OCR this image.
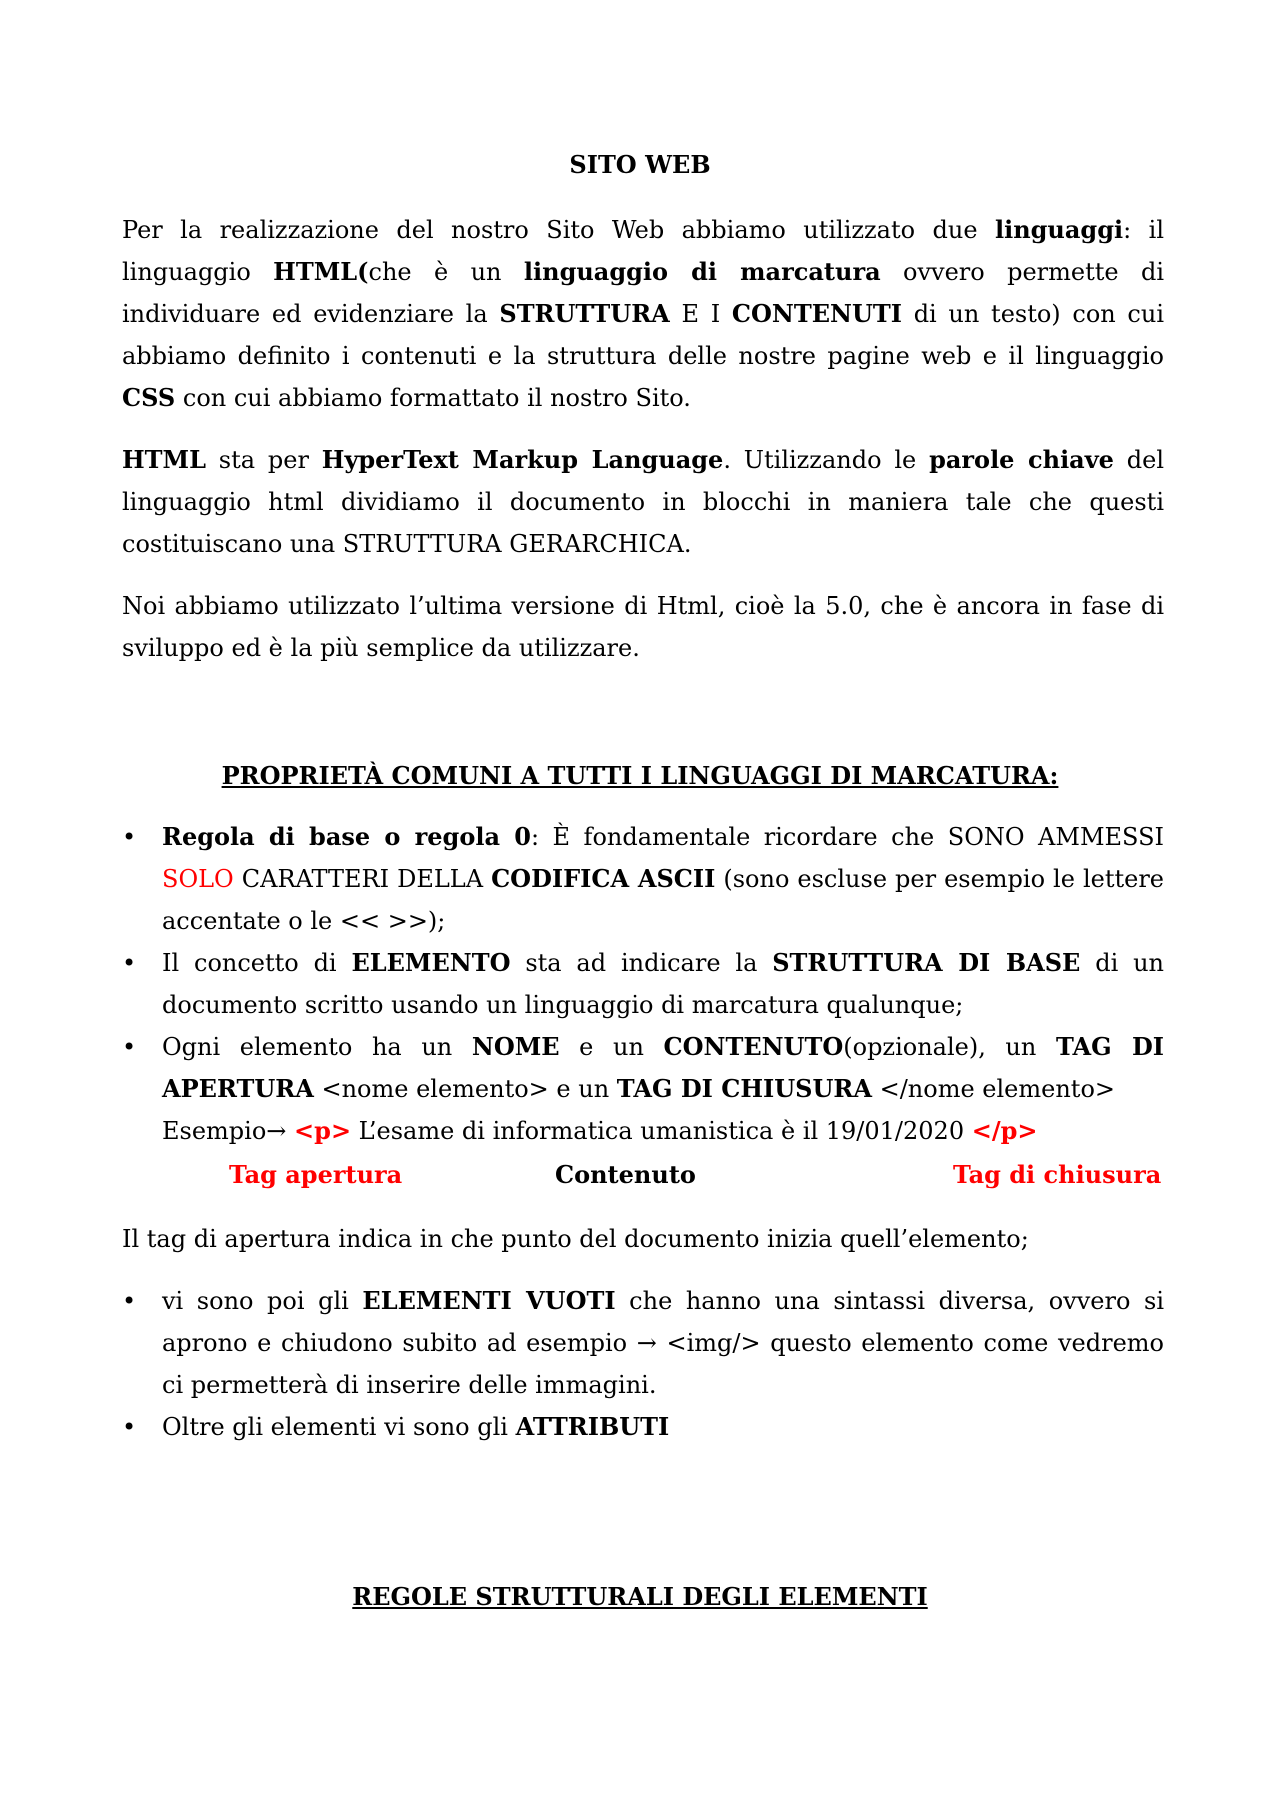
SITO WEB

Per la realizzazione del nostro Sito Web abbiamo utilizzato due linguaggi: il linguaggio HTML(che è un linguaggio di marcatura ovvero permette di individuare ed evidenziare la STRUTTURA E I CONTENUTI di un testo) con cui abbiamo definito i contenuti e la struttura delle nostre pagine web e il linguaggio CSS con cui abbiamo formattato il nostro Sito.

HTML sta per HyperText Markup Language. Utilizzando le parole chiave del linguaggio html dividiamo il documento in blocchi in maniera tale che questi costituiscano una STRUTTURA GERARCHICA.

Noi abbiamo utilizzato l’ultima versione di Html, cioè la 5.0, che è ancora in fase di sviluppo ed è la più semplice da utilizzare.

PROPRIETÀ COMUNI A TUTTI I LINGUAGGI DI MARCATURA:
• Regola di base o regola 0: È fondamentale ricordare che SONO AMMESSI SOLO CARATTERI DELLA CODIFICA ASCII (sono escluse per esempio le lettere accentate o le << >>);
• Il concetto di ELEMENTO sta ad indicare la STRUTTURA DI BASE di un documento scritto usando un linguaggio di marcatura qualunque;
• Ogni elemento ha un NOME e un CONTENUTO(opzionale), un TAG DI APERTURA <nome elemento> e un TAG DI CHIUSURA </nome elemento>
Esempio→ <p> L’esame di informatica umanistica è il 19/01/2020 </p>
Tag apertura	Contenuto	Tag di chiusura

Il tag di apertura indica in che punto del documento inizia quell’elemento;

• vi sono poi gli ELEMENTI VUOTI che hanno una sintassi diversa, ovvero si aprono e chiudono subito ad esempio → <img/> questo elemento come vedremo ci permetterà di inserire delle immagini.
• Oltre gli elementi vi sono gli ATTRIBUTI
REGOLE STRUTTURALI DEGLI ELEMENTI
